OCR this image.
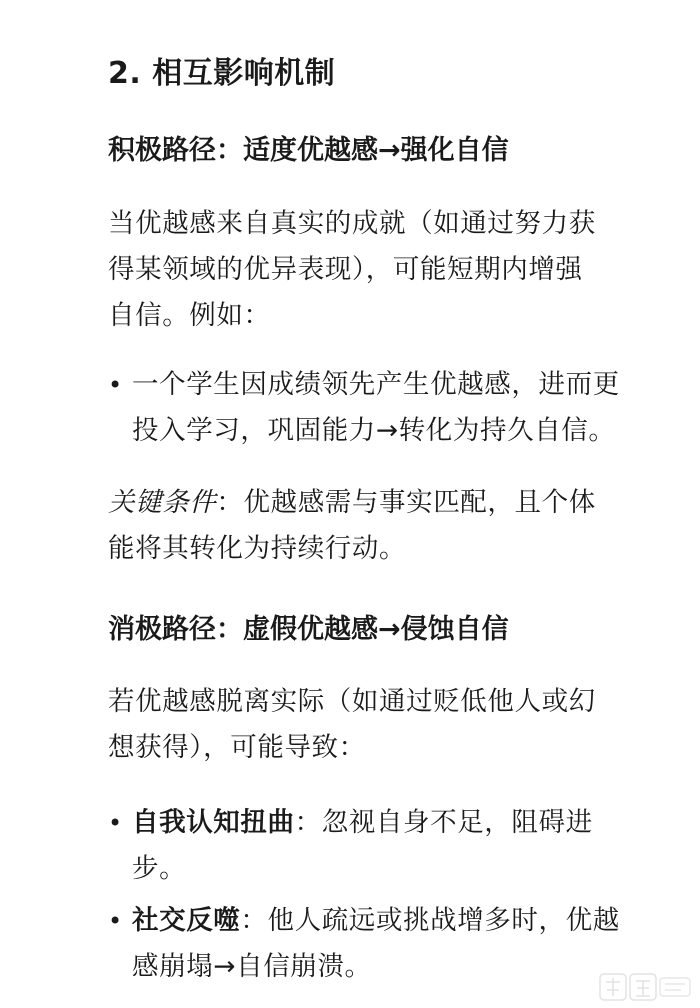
2. 相互影响机制
积极路径：适度优越感→强化自信
当优越感来自真实的成就（如通过努力获
得某领域的优异表现），可能短期内增强
自信。例如：
• 一个学生因成绩领先产生优越感，进而更
投入学习，巩固能力→转化为持久自信。
关键条件：优越感需与事实匹配，且个体
能将其转化为持续行动。
消极路径：虚假优越感→侵蚀自信
若优越感脱离实际（如通过贬低他人或幻
想获得），可能导致：
• 自我认知扭曲：忽视自身不足，阻碍进
步。
• 社交反噬：他人疏远或挑战增多时，优越
感崩塌→自信崩溃。
